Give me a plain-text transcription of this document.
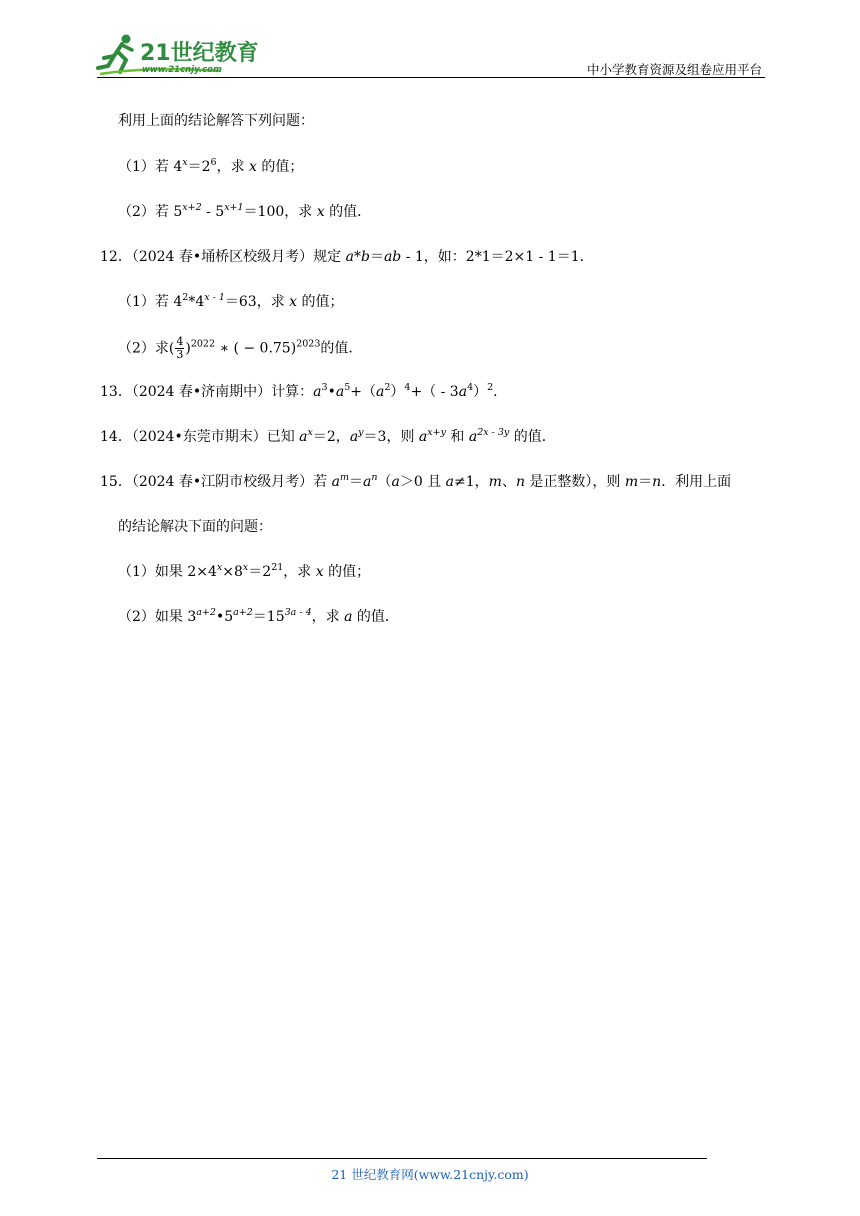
21世纪教育
www.21cnjy.com	中小学教育资源及组卷应用平台
利用上面的结论解答下列问题：
（1）若 $4^x=2^6$，求 x 的值；
（2）若 $5^{x+2}$ ‑ $5^{x+1}=100$，求 x 的值．
12．（2024 春•埇桥区校级月考）规定 a*b＝ab ‑ 1，如：2*1＝2×1 ‑ 1＝1．
（1）若 $4^2*4^{x ‑ 1}=63$，求 x 的值；
（2）求( $\frac{4}{3} )^{2022}$ ∗ ( − 0.75)$^{2023}$的值．
13．（2024 春•济南期中）计算：$a^3•a^5+(a^2)^4+$（ ‑ $3a^4)^2$．
14．（2024•东莞市期末）已知 $a^x=2$，$a^y=3$，则 $a^{x+y}$ 和 $a^{2x ‑ 3y}$ 的值．
15．（2024 春•江阴市校级月考）若 $a^m=a^n(a>0$ 且 a≠1，m、n 是正整数），则 m＝n．利用上面
的结论解决下面的问题：
（1）如果 $2\times 4^x\times 8^x=2^{21}$，求 x 的值；
（2）如果 $3^{a+2}•5^{a+2}=15^{3a ‑ 4}$，求 a 的值．
21 世纪教育网(www.21cnjy.com)
